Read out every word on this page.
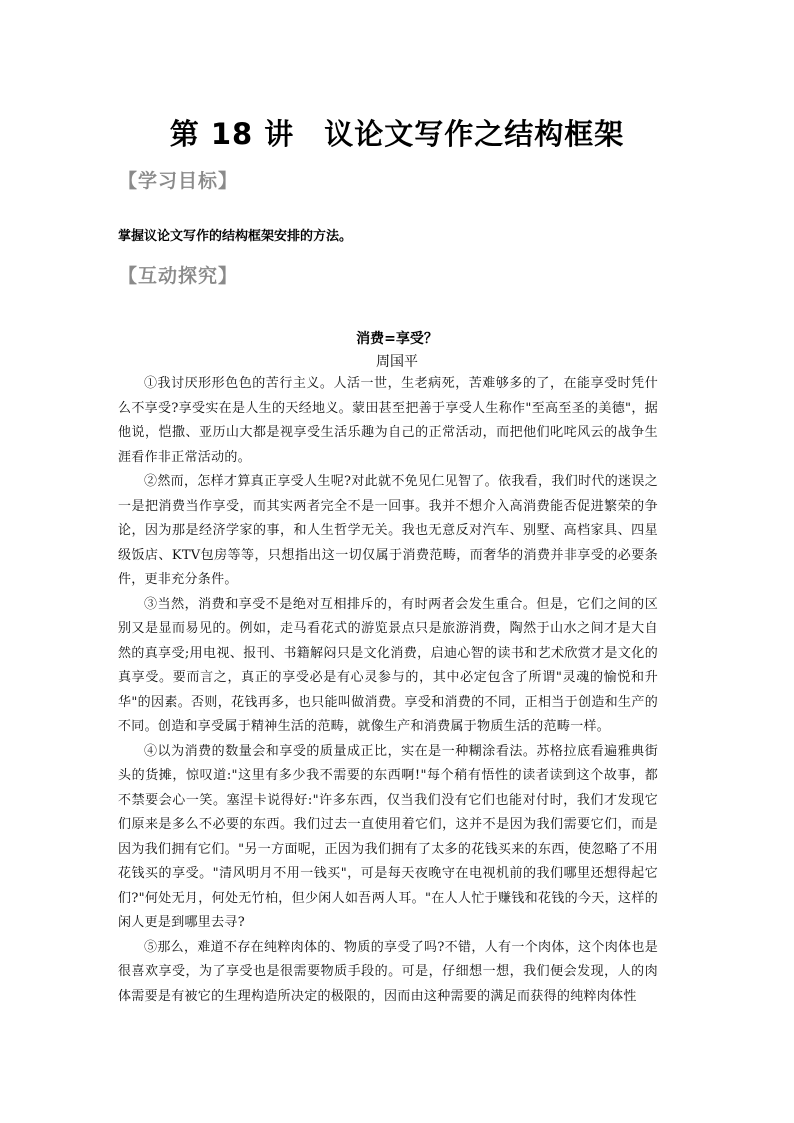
第 18 讲　议论文写作之结构框架
【学习目标】
掌握议论文写作的结构框架安排的方法。
【互动探究】
消费=享受？
周国平

①我讨厌形形色色的苦行主义。人活一世，生老病死，苦难够多的了，在能享受时凭什么不享受?享受实在是人生的天经地义。蒙田甚至把善于享受人生称作"至高至圣的美德"，据他说，恺撒、亚历山大都是视享受生活乐趣为自己的正常活动，而把他们叱咤风云的战争生涯看作非正常活动的。

②然而，怎样才算真正享受人生呢?对此就不免见仁见智了。依我看，我们时代的迷误之一是把消费当作享受，而其实两者完全不是一回事。我并不想介入高消费能否促进繁荣的争论，因为那是经济学家的事，和人生哲学无关。我也无意反对汽车、别墅、高档家具、四星级饭店、KTV包房等等，只想指出这一切仅属于消费范畴，而奢华的消费并非享受的必要条件，更非充分条件。

③当然，消费和享受不是绝对互相排斥的，有时两者会发生重合。但是，它们之间的区别又是显而易见的。例如，走马看花式的游览景点只是旅游消费，陶然于山水之间才是大自然的真享受;用电视、报刊、书籍解闷只是文化消费，启迪心智的读书和艺术欣赏才是文化的真享受。要而言之，真正的享受必是有心灵参与的，其中必定包含了所谓"灵魂的愉悦和升华"的因素。否则，花钱再多，也只能叫做消费。享受和消费的不同，正相当于创造和生产的不同。创造和享受属于精神生活的范畴，就像生产和消费属于物质生活的范畴一样。

④以为消费的数量会和享受的质量成正比，实在是一种糊涂看法。苏格拉底看遍雅典街头的货摊，惊叹道:"这里有多少我不需要的东西啊!"每个稍有悟性的读者读到这个故事，都不禁要会心一笑。塞涅卡说得好:"许多东西，仅当我们没有它们也能对付时，我们才发现它们原来是多么不必要的东西。我们过去一直使用着它们，这并不是因为我们需要它们，而是因为我们拥有它们。"另一方面呢，正因为我们拥有了太多的花钱买来的东西，使忽略了不用花钱买的享受。"清风明月不用一钱买"，可是每天夜晚守在电视机前的我们哪里还想得起它们?"何处无月，何处无竹柏，但少闲人如吾两人耳。"在人人忙于赚钱和花钱的今天，这样的闲人更是到哪里去寻?

⑤那么，难道不存在纯粹肉体的、物质的享受了吗?不错，人有一个肉体，这个肉体也是很喜欢享受，为了享受也是很需要物质手段的。可是，仔细想一想，我们便会发现，人的肉体需要是有被它的生理构造所决定的极限的，因而由这种需要的满足而获得的纯粹肉体性
